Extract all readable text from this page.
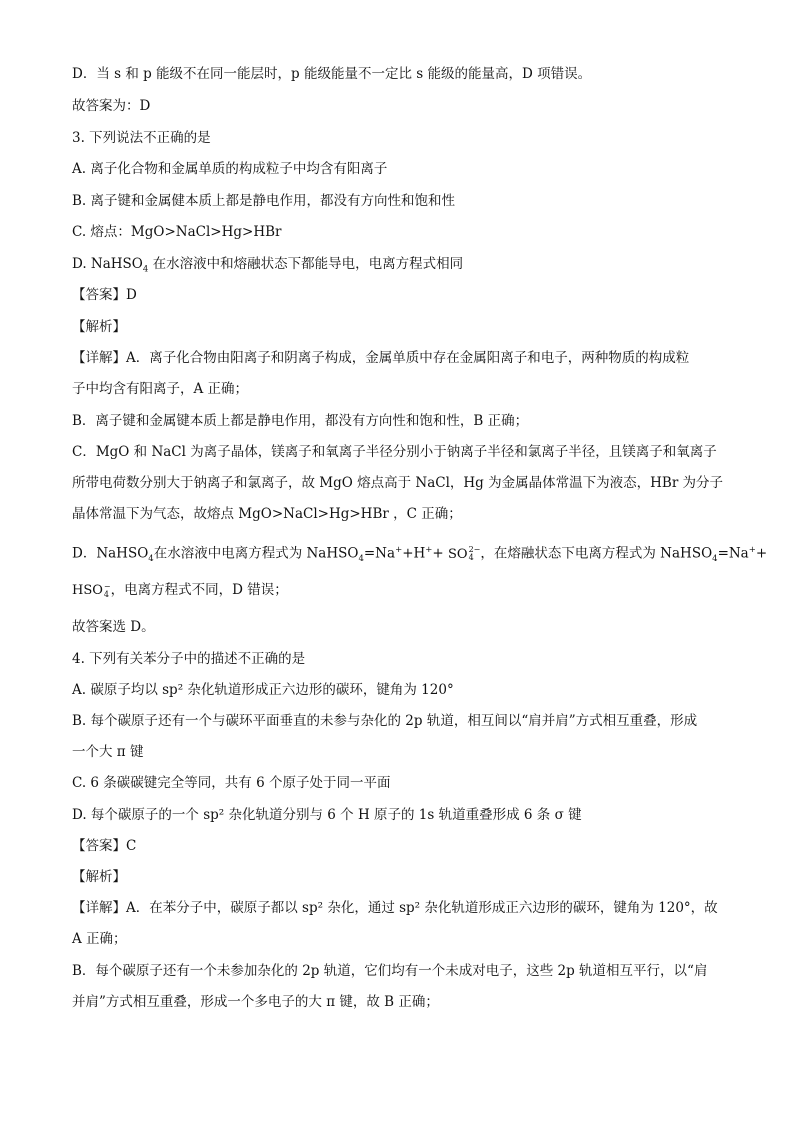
D．当 s 和 p 能级不在同一能层时，p 能级能量不一定比 s 能级的能量高，D 项错误。
故答案为：D
3. 下列说法不正确的是
A. 离子化合物和金属单质的构成粒子中均含有阳离子
B. 离子键和金属健本质上都是静电作用，都没有方向性和饱和性
C. 熔点：MgO>NaCl>Hg>HBr
D. NaHSO$_4$ 在水溶液中和熔融状态下都能导电，电离方程式相同
【答案】D
【解析】
【详解】A．离子化合物由阳离子和阴离子构成，金属单质中存在金属阳离子和电子，两种物质的构成粒
子中均含有阳离子，A 正确；
B．离子键和金属键本质上都是静电作用，都没有方向性和饱和性，B 正确；
C．MgO 和 NaCl 为离子晶体，镁离子和氧离子半径分别小于钠离子半径和氯离子半径，且镁离子和氧离子
所带电荷数分别大于钠离子和氯离子，故 MgO 熔点高于 NaCl，Hg 为金属晶体常温下为液态，HBr 为分子
晶体常温下为气态，故熔点 MgO>NaCl>Hg>HBr ，C 正确；
D．NaHSO$_4$在水溶液中电离方程式为 NaHSO$_4$=Na++H++ SO 2−
4 ，在熔融状态下电离方程式为 NaHSO$_4$=Na++
HSO −
4 ，电离方程式不同，D 错误；
故答案选 D。
4. 下列有关苯分子中的描述不正确的是
A. 碳原子均以 sp² 杂化轨道形成正六边形的碳环，键角为 120°
B. 每个碳原子还有一个与碳环平面垂直的未参与杂化的 2p 轨道，相互间以“肩并肩”方式相互重叠，形成
一个大 π 键
C. 6 条碳碳键完全等同，共有 6 个原子处于同一平面
D. 每个碳原子的一个 sp² 杂化轨道分别与 6 个 H 原子的 1s 轨道重叠形成 6 条 σ 键
【答案】C
【解析】
【详解】A．在苯分子中，碳原子都以 sp² 杂化，通过 sp² 杂化轨道形成正六边形的碳环，键角为 120°，故
A 正确；
B．每个碳原子还有一个未参加杂化的 2p 轨道，它们均有一个未成对电子，这些 2p 轨道相互平行，以“肩
并肩”方式相互重叠，形成一个多电子的大 π 键，故 B 正确；
